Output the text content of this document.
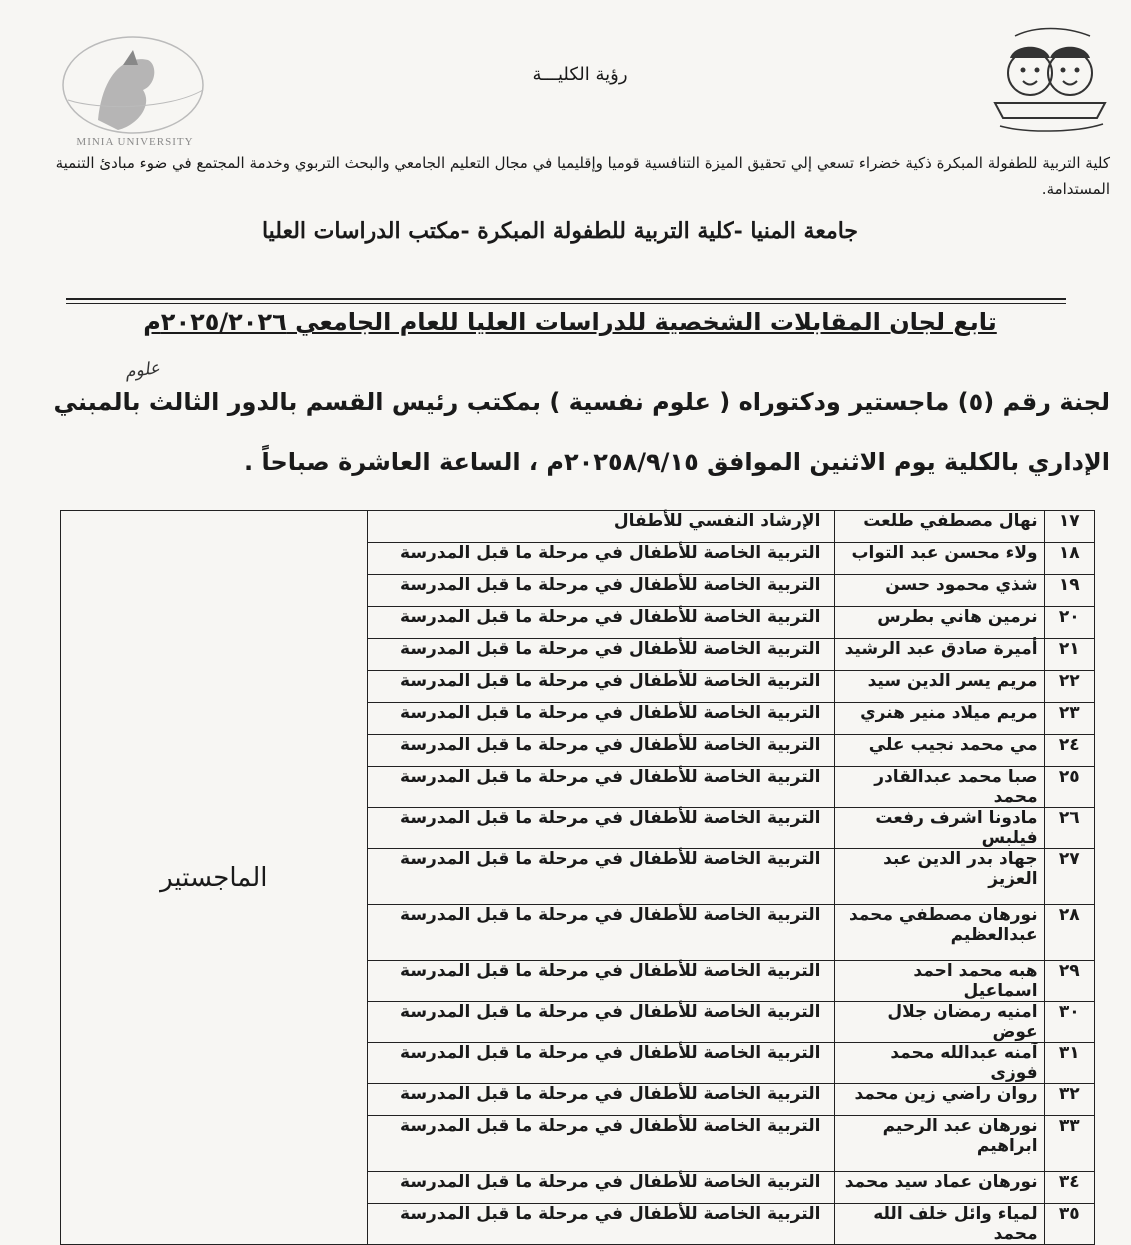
MINIA UNIVERSITY
رؤية الكليـــة
كلية التربية للطفولة المبكرة ذكية خضراء تسعي إلي تحقيق الميزة التنافسية قوميا وإقليميا في مجال التعليم الجامعي والبحث التربوي وخدمة المجتمع في ضوء مبادئ التنمية المستدامة.
جامعة المنيا -كلية التربية للطفولة المبكرة -مكتب الدراسات العليا
تابع لجان المقابلات الشخصية للدراسات العليا للعام الجامعي ٢٠٢٥/٢٠٢٦م
علوم
لجنة رقم (٥) ماجستير ودكتوراه ( علوم نفسية ) بمكتب رئيس القسم بالدور الثالث بالمبني
الإداري بالكلية يوم الاثنين الموافق ٢٠٢٥٨/٩/١٥م ، الساعة العاشرة صباحاً .
١٧	نهال مصطفي طلعت	الإرشاد النفسي للأطفال	الماجستير
١٨	ولاء محسن عبد التواب	التربية الخاصة للأطفال في مرحلة ما قبل المدرسة	
١٩	شذي محمود حسن	التربية الخاصة للأطفال في مرحلة ما قبل المدرسة	
٢٠	نرمين هاني بطرس	التربية الخاصة للأطفال في مرحلة ما قبل المدرسة	
٢١	أميرة صادق عبد الرشيد	التربية الخاصة للأطفال في مرحلة ما قبل المدرسة	
٢٢	مريم يسر الدين سيد	التربية الخاصة للأطفال في مرحلة ما قبل المدرسة	
٢٣	مريم ميلاد منير هنري	التربية الخاصة للأطفال في مرحلة ما قبل المدرسة	
٢٤	مي محمد نجيب علي	التربية الخاصة للأطفال في مرحلة ما قبل المدرسة	
٢٥	صبا محمد عبدالقادر محمد	التربية الخاصة للأطفال في مرحلة ما قبل المدرسة	
٢٦	مادونا اشرف رفعت فيلبس	التربية الخاصة للأطفال في مرحلة ما قبل المدرسة	
٢٧	جهاد بدر الدين عبد العزيز	التربية الخاصة للأطفال في مرحلة ما قبل المدرسة	
٢٨	نورهان مصطفي محمد عبدالعظيم	التربية الخاصة للأطفال في مرحلة ما قبل المدرسة	
٢٩	هبه محمد احمد اسماعيل	التربية الخاصة للأطفال في مرحلة ما قبل المدرسة	
٣٠	امنيه رمضان جلال عوض	التربية الخاصة للأطفال في مرحلة ما قبل المدرسة	
٣١	آمنه عبدالله محمد فوزى	التربية الخاصة للأطفال في مرحلة ما قبل المدرسة	
٣٢	روان راضي زين محمد	التربية الخاصة للأطفال في مرحلة ما قبل المدرسة	
٣٣	نورهان عبد الرحيم ابراهيم	التربية الخاصة للأطفال في مرحلة ما قبل المدرسة	
٣٤	نورهان عماد سيد محمد	التربية الخاصة للأطفال في مرحلة ما قبل المدرسة	
٣٥	لمياء وائل خلف الله محمد	التربية الخاصة للأطفال في مرحلة ما قبل المدرسة	
